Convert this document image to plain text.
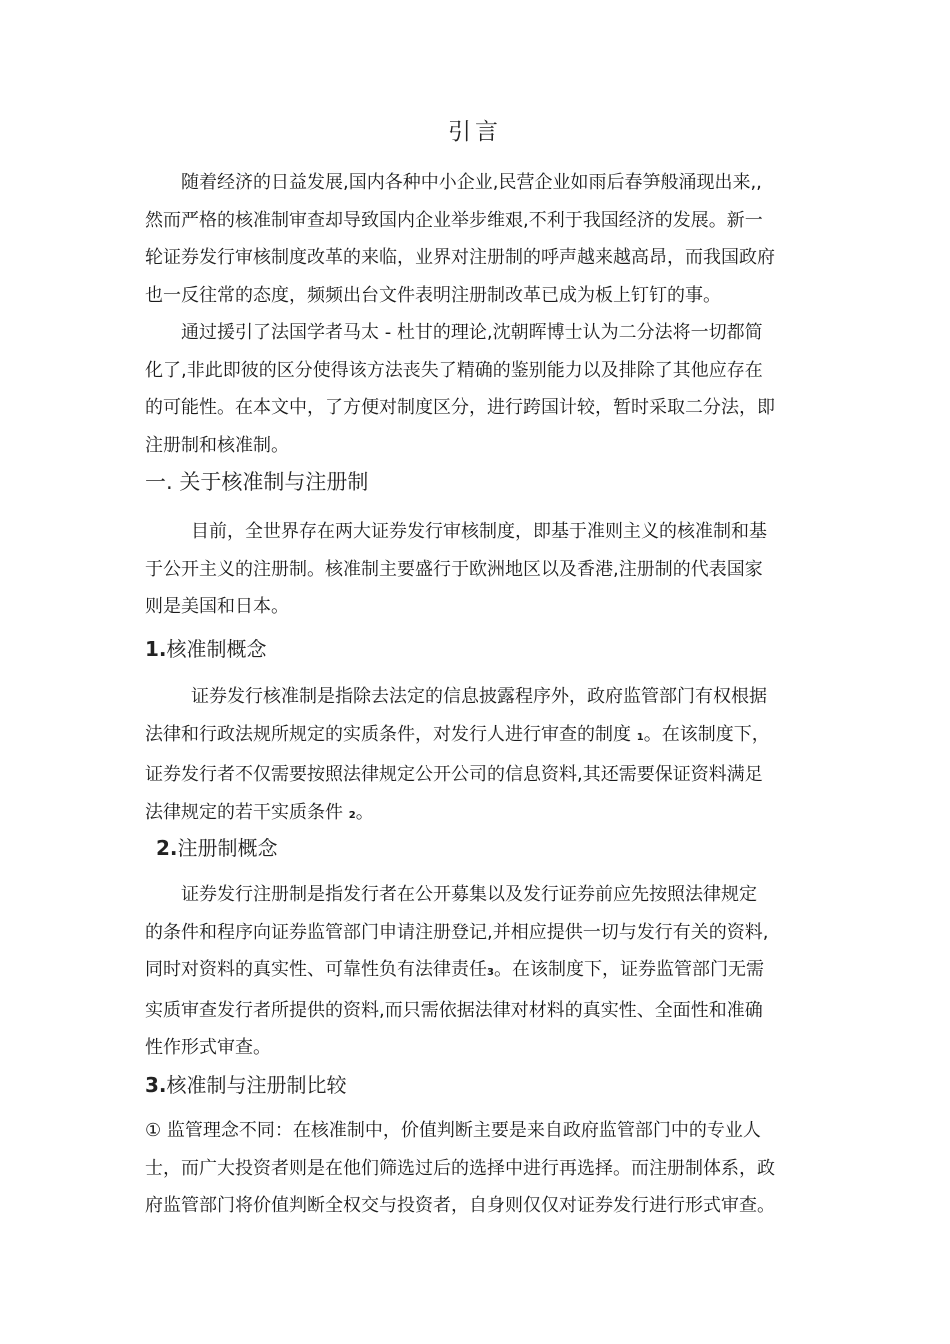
引言

随着经济的日益发展,国内各种中小企业,民营企业如雨后春笋般涌现出来,,
然而严格的核准制审查却导致国内企业举步维艰,不利于我国经济的发展。新一
轮证券发行审核制度改革的来临，业界对注册制的呼声越来越高昂，而我国政府
也一反往常的态度，频频出台文件表明注册制改革已成为板上钉钉的事。

通过援引了法国学者马太 - 杜甘的理论,沈朝晖博士认为二分法将一切都简
化了,非此即彼的区分使得该方法丧失了精确的鉴别能力以及排除了其他应存在
的可能性。在本文中，了方便对制度区分，进行跨国计较，暂时采取二分法，即
注册制和核准制。

一. 关于核准制与注册制

目前，全世界存在两大证券发行审核制度，即基于准则主义的核准制和基
于公开主义的注册制。核准制主要盛行于欧洲地区以及香港,注册制的代表国家
则是美国和日本。

1.核准制概念

证券发行核准制是指除去法定的信息披露程序外，政府监管部门有权根据
法律和行政法规所规定的实质条件，对发行人进行审查的制度 1。在该制度下，
证券发行者不仅需要按照法律规定公开公司的信息资料,其还需要保证资料满足
法律规定的若干实质条件 2。

2.注册制概念

证券发行注册制是指发行者在公开募集以及发行证券前应先按照法律规定
的条件和程序向证券监管部门申请注册登记,并相应提供一切与发行有关的资料,
同时对资料的真实性、可靠性负有法律责任3。在该制度下，证券监管部门无需
实质审查发行者所提供的资料,而只需依据法律对材料的真实性、全面性和准确
性作形式审查。

3.核准制与注册制比较

① 监管理念不同：在核准制中，价值判断主要是来自政府监管部门中的专业人
士，而广大投资者则是在他们筛选过后的选择中进行再选择。而注册制体系，政
府监管部门将价值判断全权交与投资者，自身则仅仅对证券发行进行形式审查。
